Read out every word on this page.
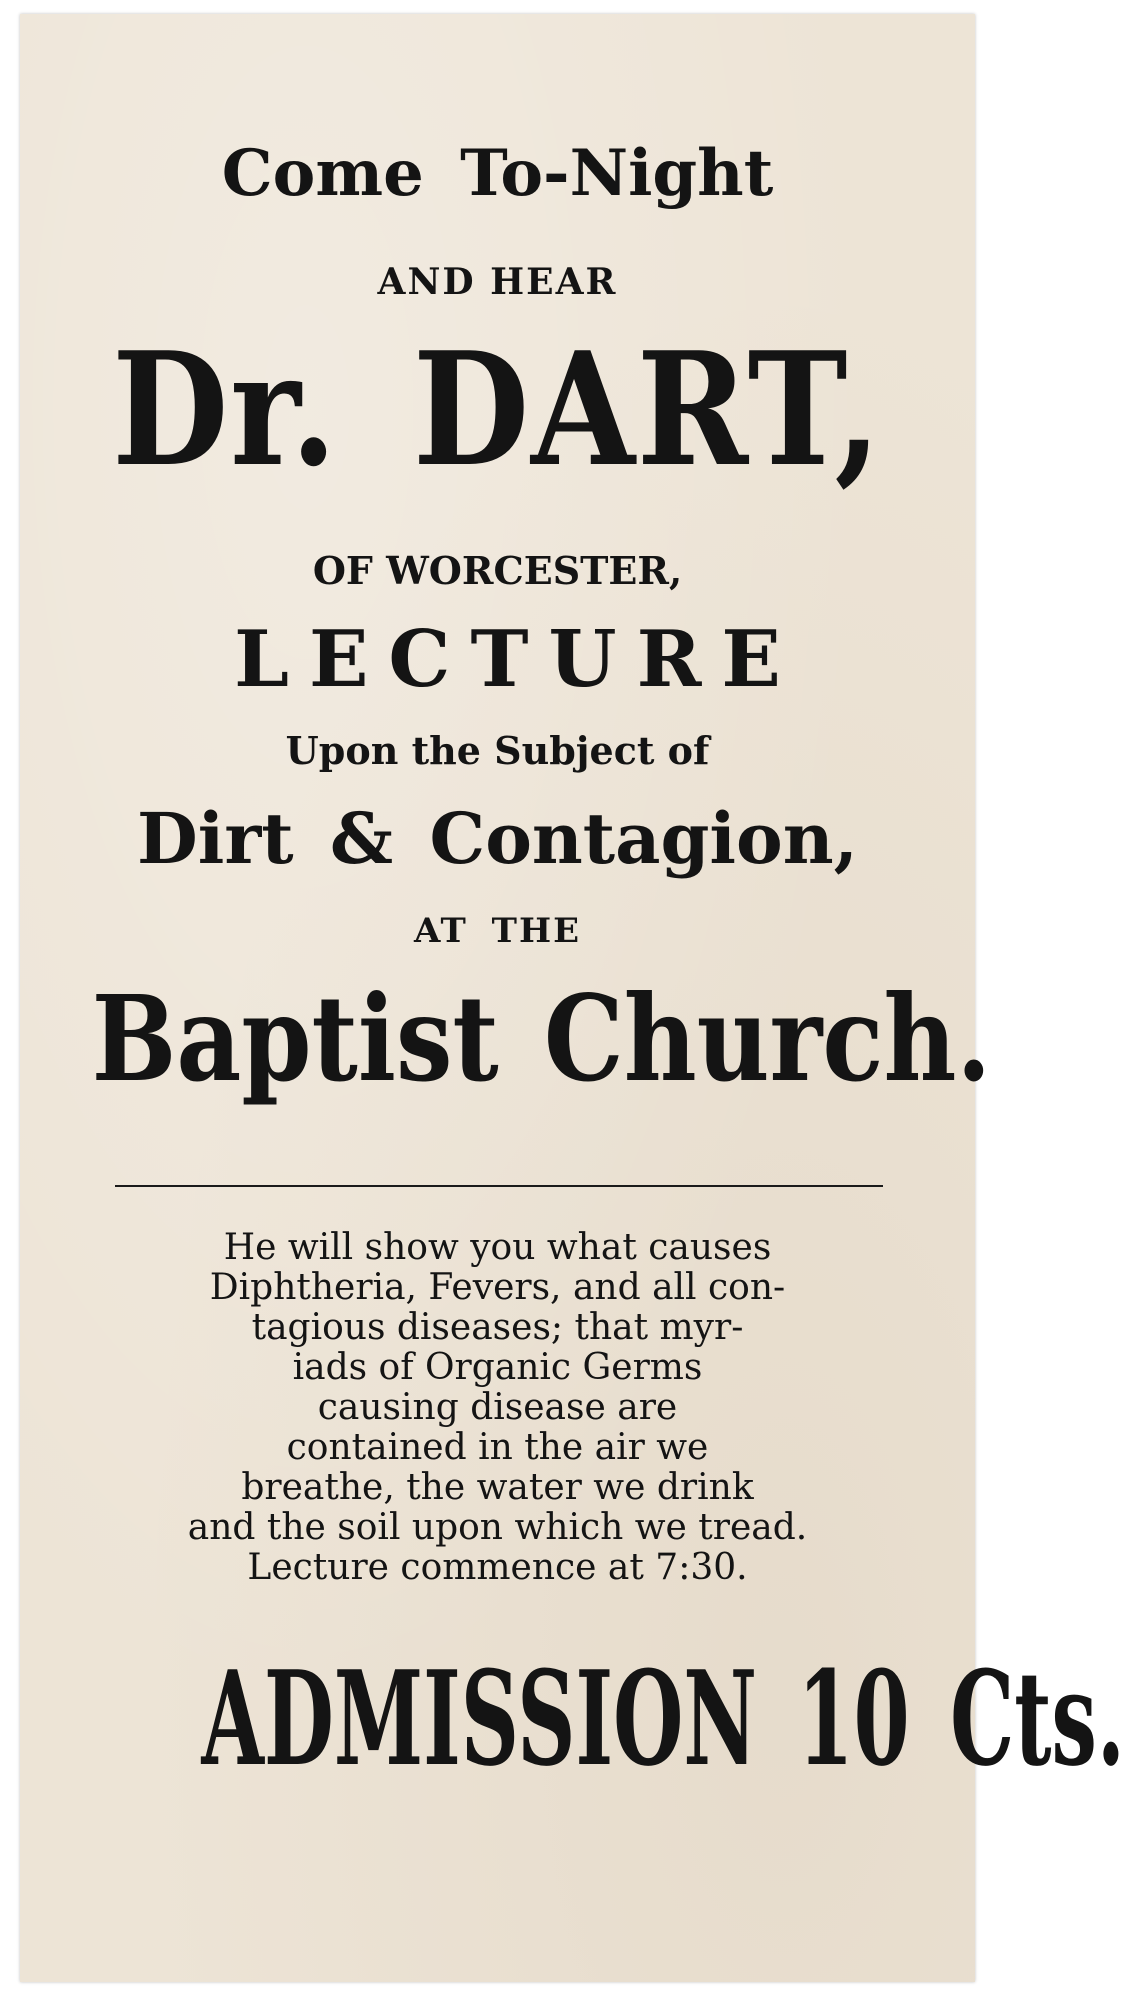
Come To-Night
AND HEAR
Dr. DART,
OF WORCESTER,
LECTURE
Upon the Subject of
Dirt & Contagion,
AT THE
Baptist Church.
He will show you what causes
Diphtheria, Fevers, and all con-
tagious diseases; that myr-
iads of Organic Germs
causing disease are
contained in the air we
breathe, the water we drink
and the soil upon which we tread.
Lecture commence at 7:30.
ADMISSION 10 Cts.
